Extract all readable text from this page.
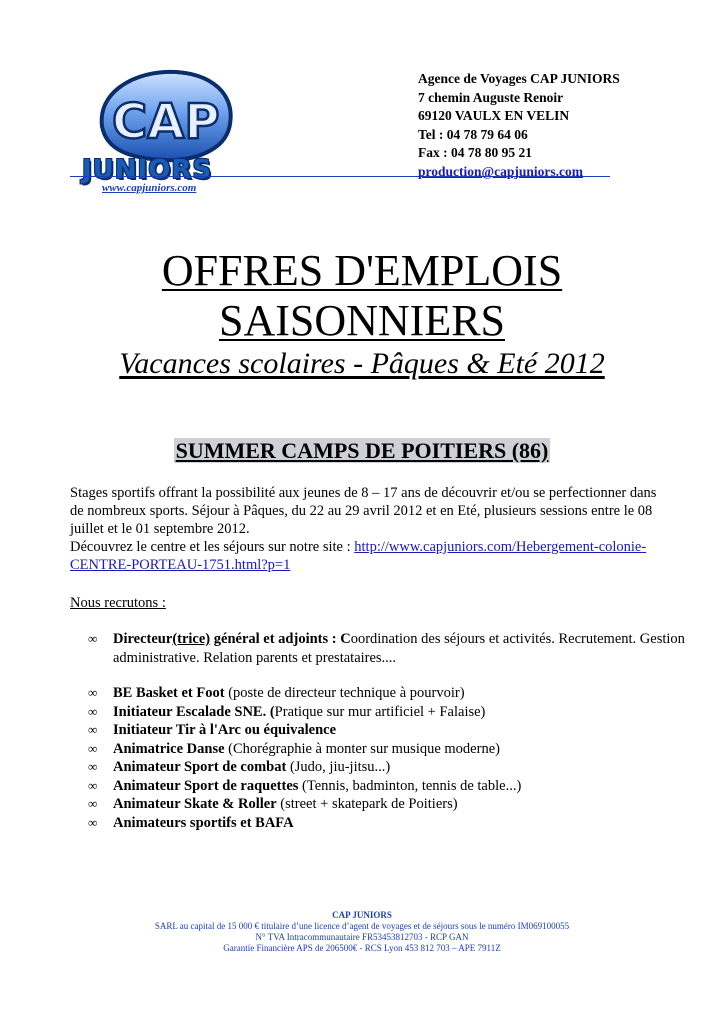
CAP
JUNIORS
www.capjuniors.com
Agence de Voyages CAP JUNIORS
7 chemin Auguste Renoir
69120 VAULX EN VELIN
Tel : 04 78 79 64 06
Fax : 04 78 80 95 21
production@capjuniors.com
OFFRES D'EMPLOIS
SAISONNIERS
Vacances scolaires - Pâques & Eté 2012
SUMMER CAMPS DE POITIERS (86)
Stages sportifs offrant la possibilité aux jeunes de 8 – 17 ans de découvrir et/ou se perfectionner dans de nombreux sports. Séjour à Pâques, du 22 au 29 avril 2012 et en Eté, plusieurs sessions entre le 08 juillet et le 01 septembre 2012.
Découvrez le centre et les séjours sur notre site : http://www.capjuniors.com/Hebergement-colonie-CENTRE-PORTEAU-1751.html?p=1
Nous recrutons :
∞ Directeur(trice) général et adjoints : Coordination des séjours et activités. Recrutement. Gestion administrative. Relation parents et prestataires....
∞ BE Basket et Foot (poste de directeur technique à pourvoir)
∞ Initiateur Escalade SNE. (Pratique sur mur artificiel + Falaise)
∞ Initiateur Tir à l'Arc ou équivalence
∞ Animatrice Danse (Chorégraphie à monter sur musique moderne)
∞ Animateur Sport de combat (Judo, jiu-jitsu...)
∞ Animateur Sport de raquettes (Tennis, badminton, tennis de table...)
∞ Animateur Skate & Roller (street + skatepark de Poitiers)
∞ Animateurs sportifs et BAFA
CAP JUNIORS
SARL au capital de 15 000 € titulaire d’une licence d’agent de voyages et de séjours sous le numéro IM069100055
N° TVA Intracommunautaire FR53453812703 - RCP GAN
Garantie Financière APS de 206500€ - RCS Lyon 453 812 703 – APE 7911Z
